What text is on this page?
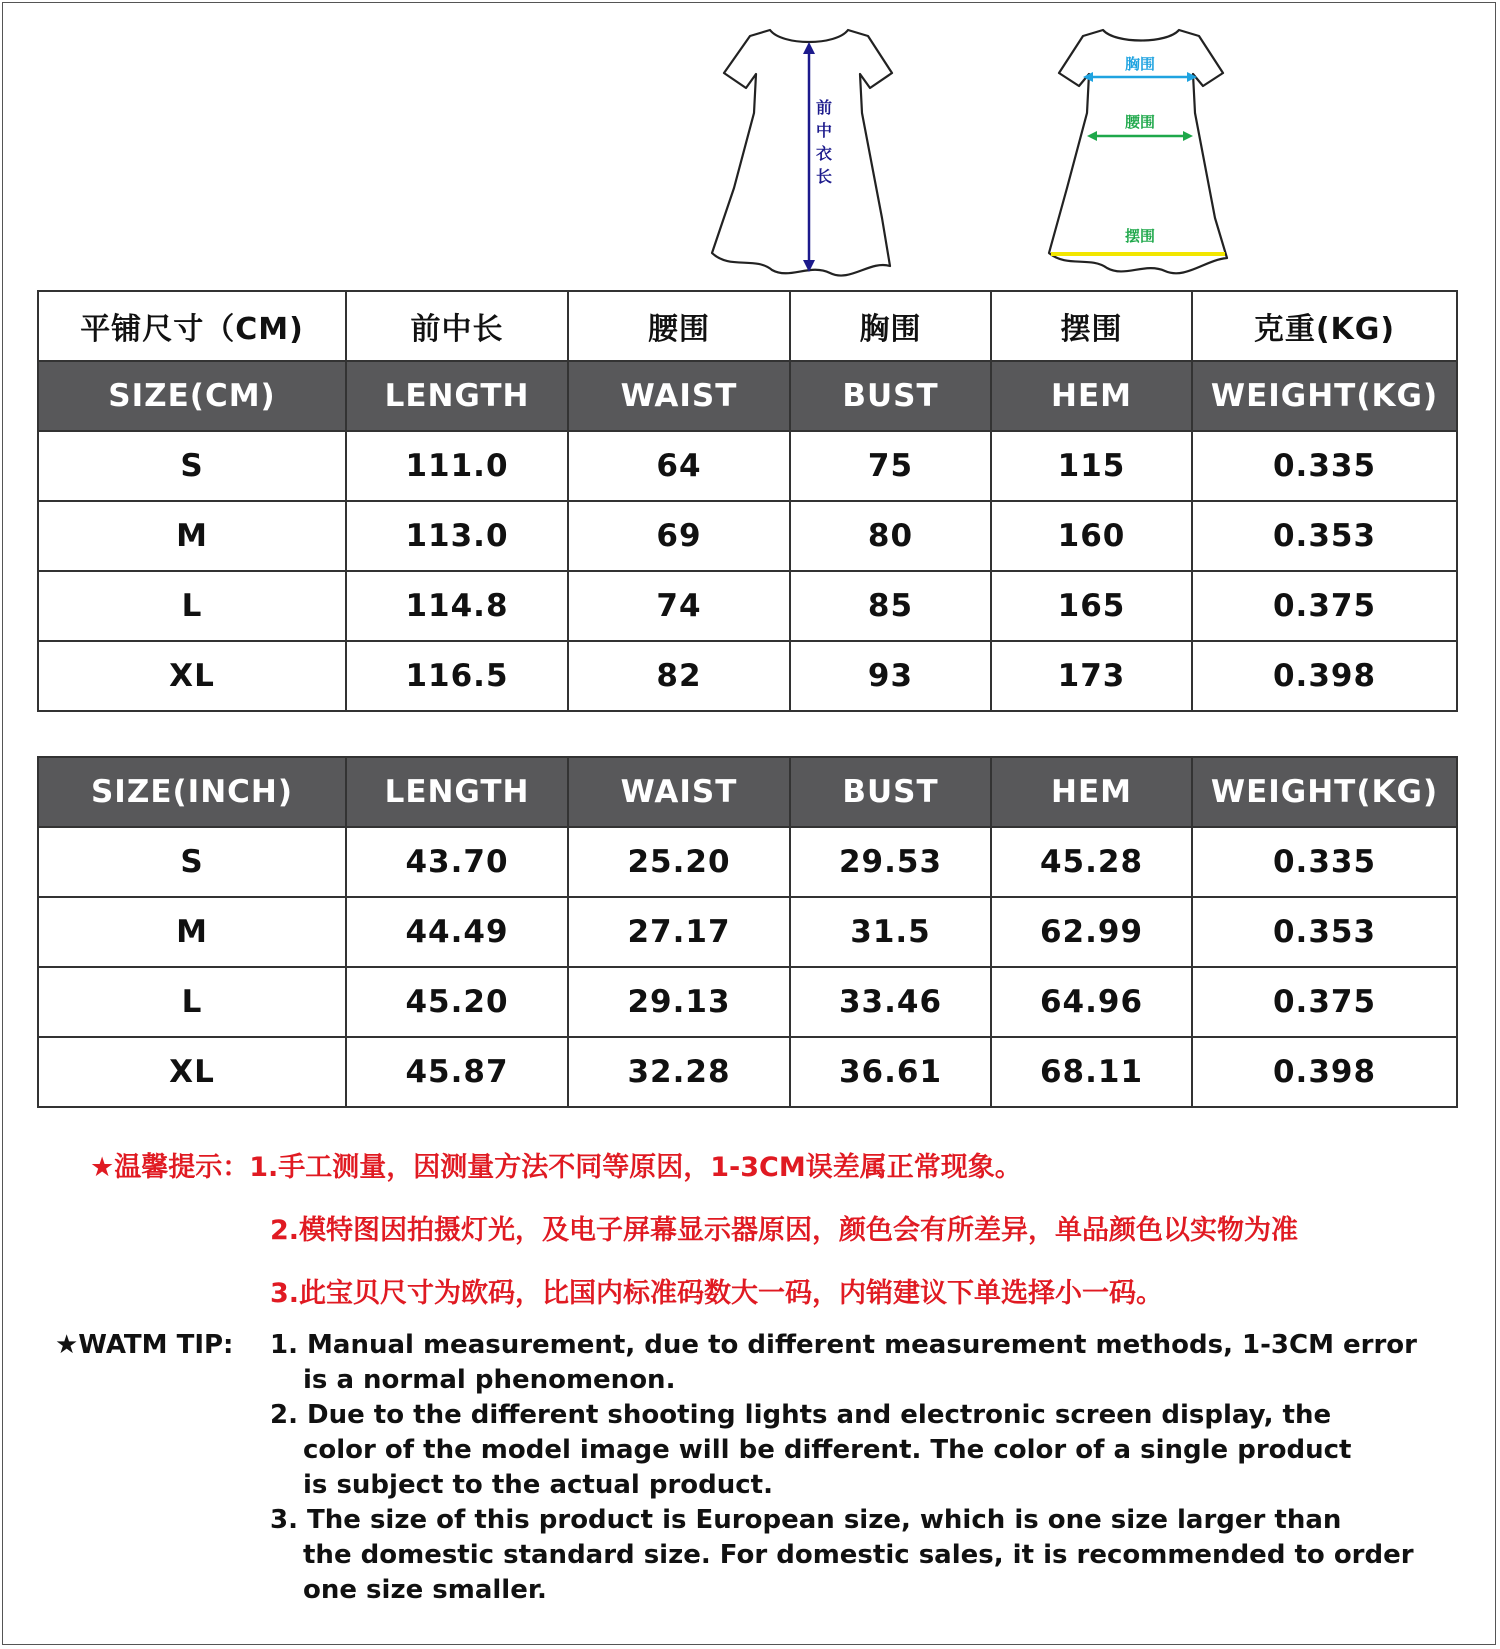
前
中
衣
长
胸围
腰围
摆围
平铺尺寸（CM)	前中长	腰围	胸围	摆围	克重(KG)
SIZE(CM)	LENGTH	WAIST	BUST	HEM	WEIGHT(KG)
S	111.0	64	75	115	0.335
M	113.0	69	80	160	0.353
L	114.8	74	85	165	0.375
XL	116.5	82	93	173	0.398
SIZE(INCH)	LENGTH	WAIST	BUST	HEM	WEIGHT(KG)
S	43.70	25.20	29.53	45.28	0.335
M	44.49	27.17	31.5	62.99	0.353
L	45.20	29.13	33.46	64.96	0.375
XL	45.87	32.28	36.61	68.11	0.398
★温馨提示：1.手工测量，因测量方法不同等原因，1-3CM误差属正常现象。
2.模特图因拍摄灯光，及电子屏幕显示器原因，颜色会有所差异，单品颜色以实物为准
3.此宝贝尺寸为欧码，比国内标准码数大一码，内销建议下单选择小一码。
★WATM TIP: 1. Manual measurement, due to different measurement methods, 1-3CM error
is a normal phenomenon.
2. Due to the different shooting lights and electronic screen display, the
color of the model image will be different. The color of a single product
is subject to the actual product.
3. The size of this product is European size, which is one size larger than
the domestic standard size. For domestic sales, it is recommended to order
one size smaller.
